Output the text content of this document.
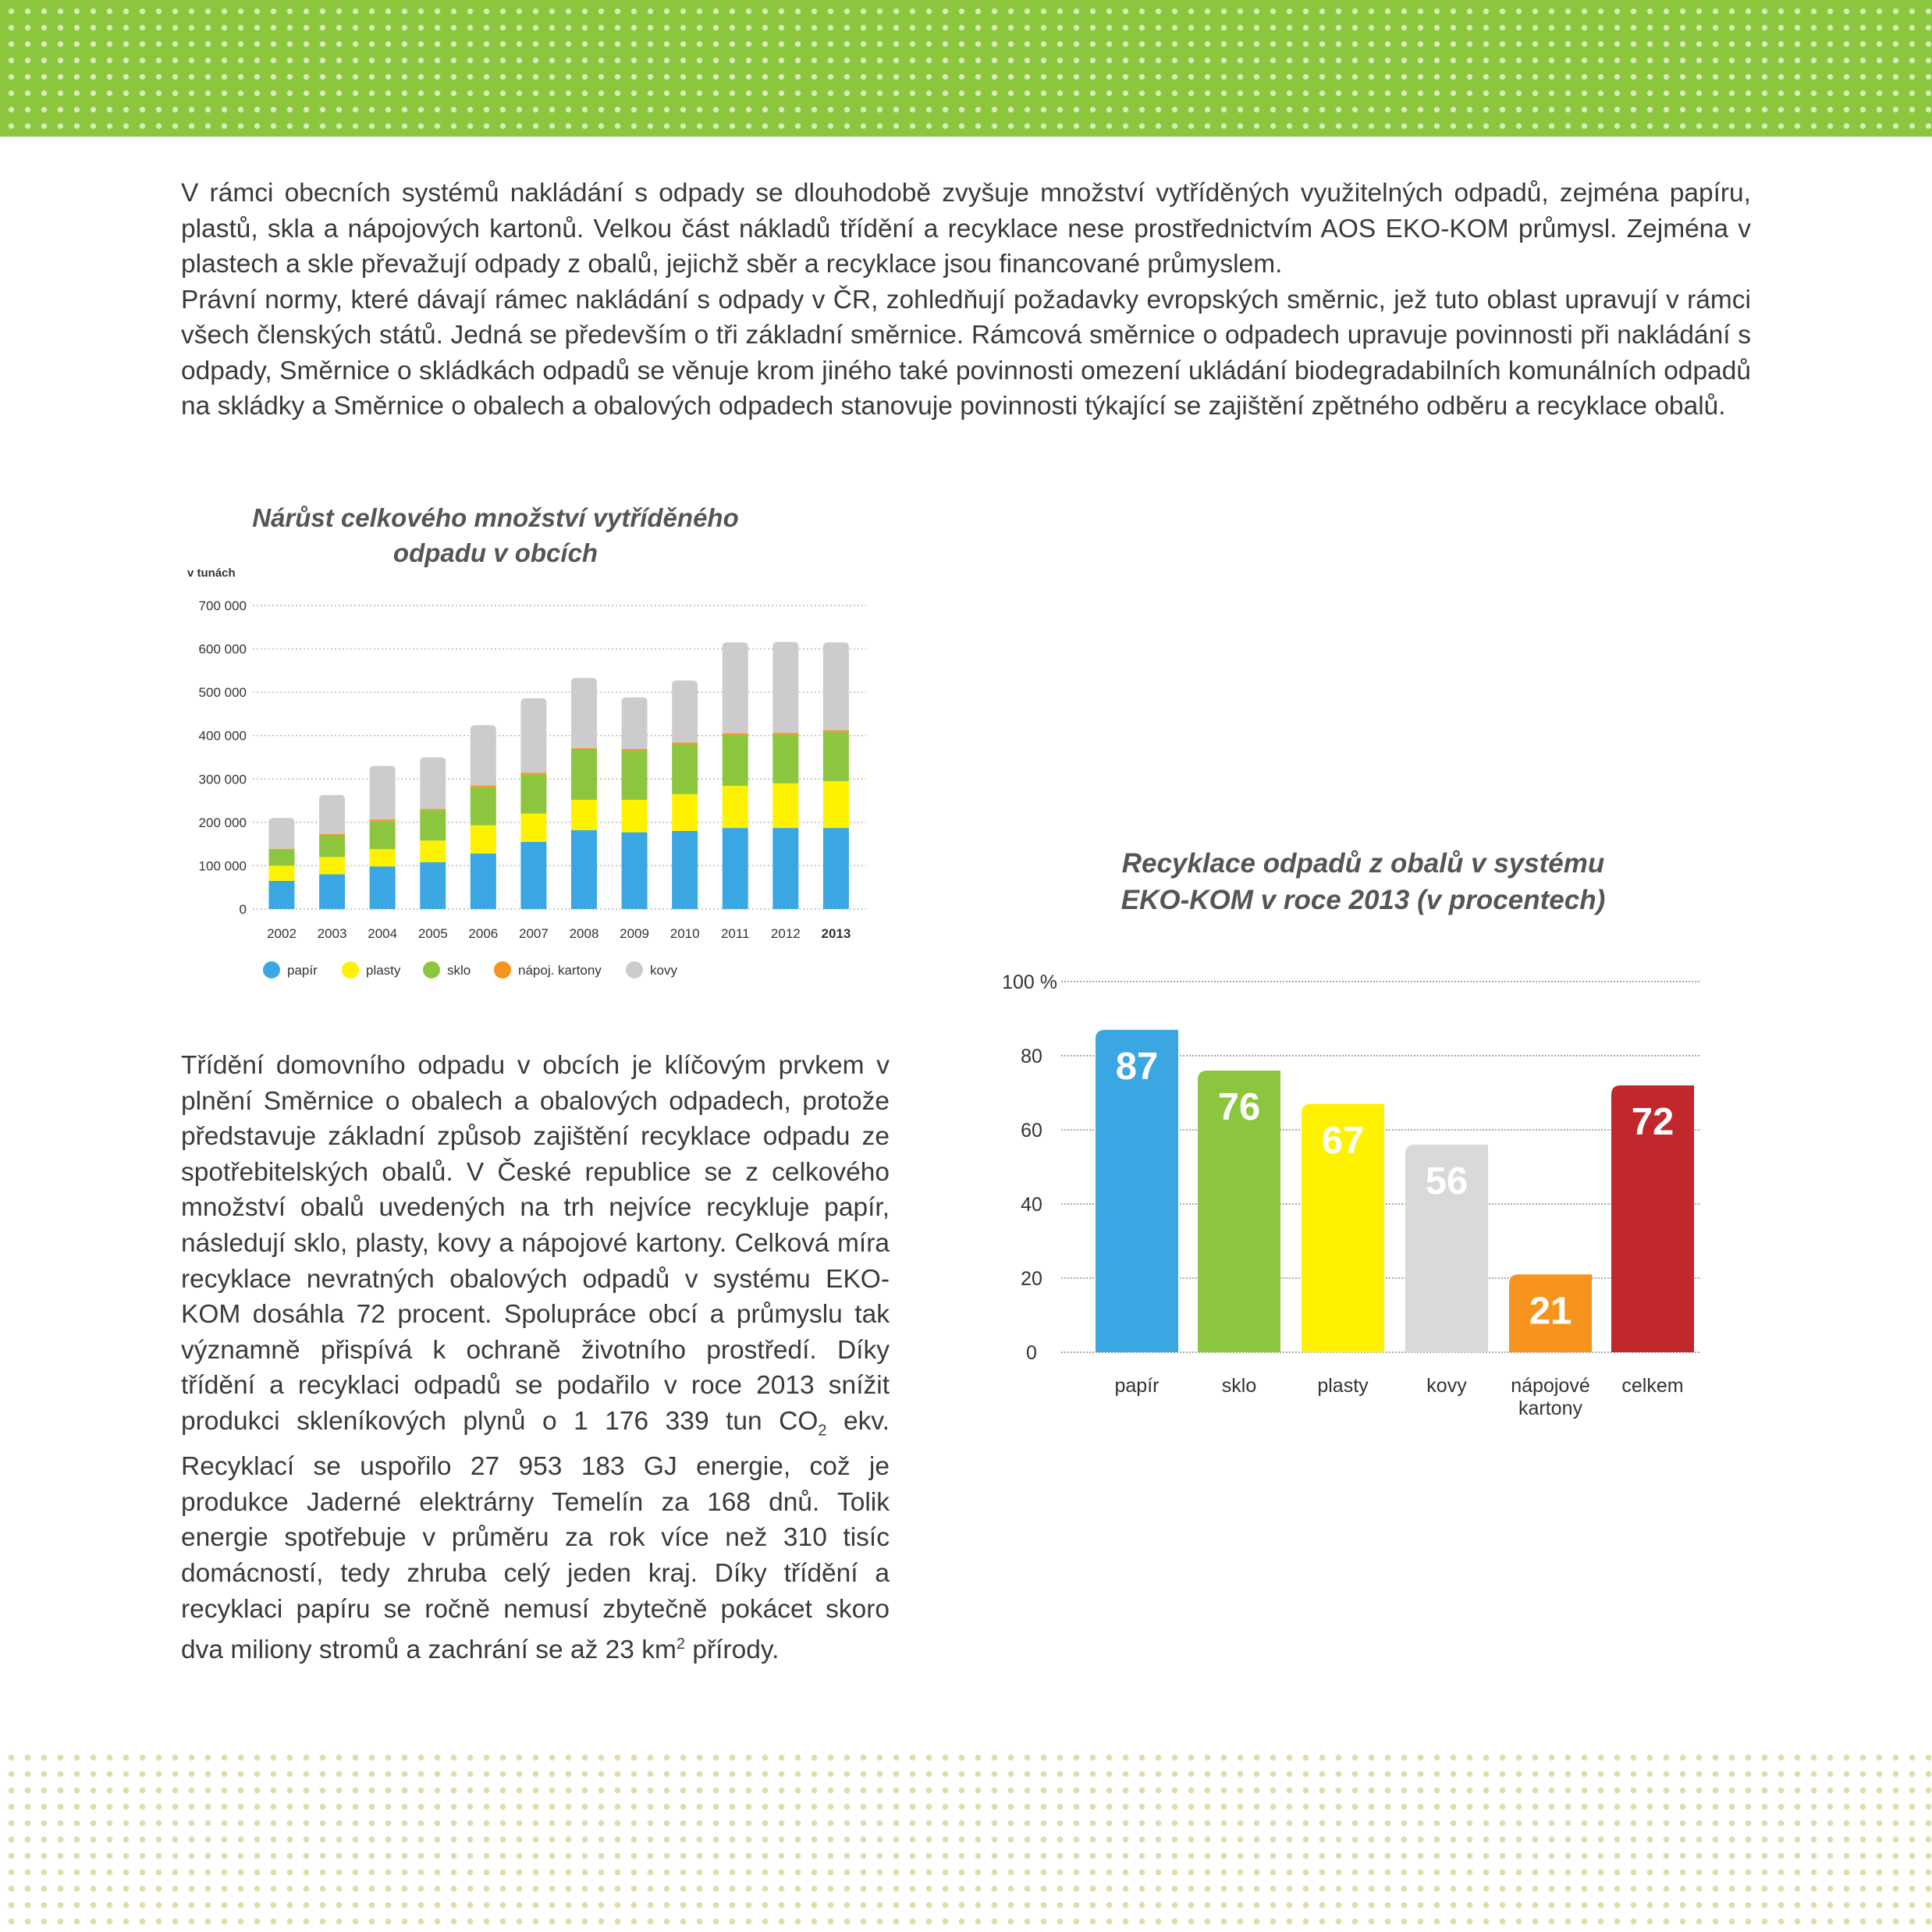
V rámci obecních systémů nakládání s odpady se dlouhodobě zvyšuje množství vytříděných využitelných odpadů, zejména papíru, plastů, skla a nápojových kartonů. Velkou část nákladů třídění a recyklace nese prostřednictvím AOS EKO-KOM průmysl. Zejména v plastech a skle převažují odpady z obalů, jejichž sběr a recyklace jsou financované průmyslem.

Právní normy, které dávají rámec nakládání s odpady v ČR, zohledňují požadavky evropských směrnic, jež tuto oblast upravují v rámci všech členských států. Jedná se především o tři základní směrnice. Rámcová směrnice o odpadech upravuje povinnosti při nakládání s odpady, Směrnice o skládkách odpadů se věnuje krom jiného také povinnosti omezení ukládání biodegradabilních komunálních odpadů na skládky a Směrnice o obalech a obalových odpadech stanovuje povinnosti týkající se zajištění zpětného odběru a recyklace obalů.

Nárůst celkového množství vytříděného
odpadu v obcích
v tunách
0
100 000
200 000
300 000
400 000
500 000
600 000
700 000
2002 2003 2004 2005 2006 2007 2008 2009 2010 2011 2012 2013
papír	plasty	sklo	nápoj. kartony	kovy
Recyklace odpadů z obalů v systému
EKO-KOM v roce 2013 (v procentech)
0
20
40
60
80
100 %
87
76
67
56
21
72
papír	sklo	plasty	kovy nápojové
kartony
celkem

Třídění domovního odpadu v obcích je klíčovým prvkem v plnění Směrnice o obalech a obalových odpadech, protože představuje základní způsob zajištění recyklace odpadu ze spotřebitelských obalů. V České republice se z celkového množství obalů uvedených na trh nejvíce recykluje papír, následují sklo, plasty, kovy a nápojové kartony. Celková míra recyklace nevratných obalových odpadů v systému EKO-KOM dosáhla 72 procent. Spolupráce obcí a průmyslu tak významně přispívá k ochraně životního prostředí. Díky třídění a recyklaci odpadů se podařilo v roce 2013 snížit produkci skleníkových plynů o 1 176 339 tun $CO_2$ ekv. Recyklací se uspořilo 27 953 183 GJ energie, což je produkce Jaderné elektrárny Temelín za 168 dnů. Tolik energie spotřebuje v průměru za rok více než 310 tisíc domácností, tedy zhruba celý jeden kraj. Díky třídění a recyklaci papíru se ročně nemusí zbytečně pokácet skoro dva miliony stromů a zachrání se až 23 $km^2$ přírody.
